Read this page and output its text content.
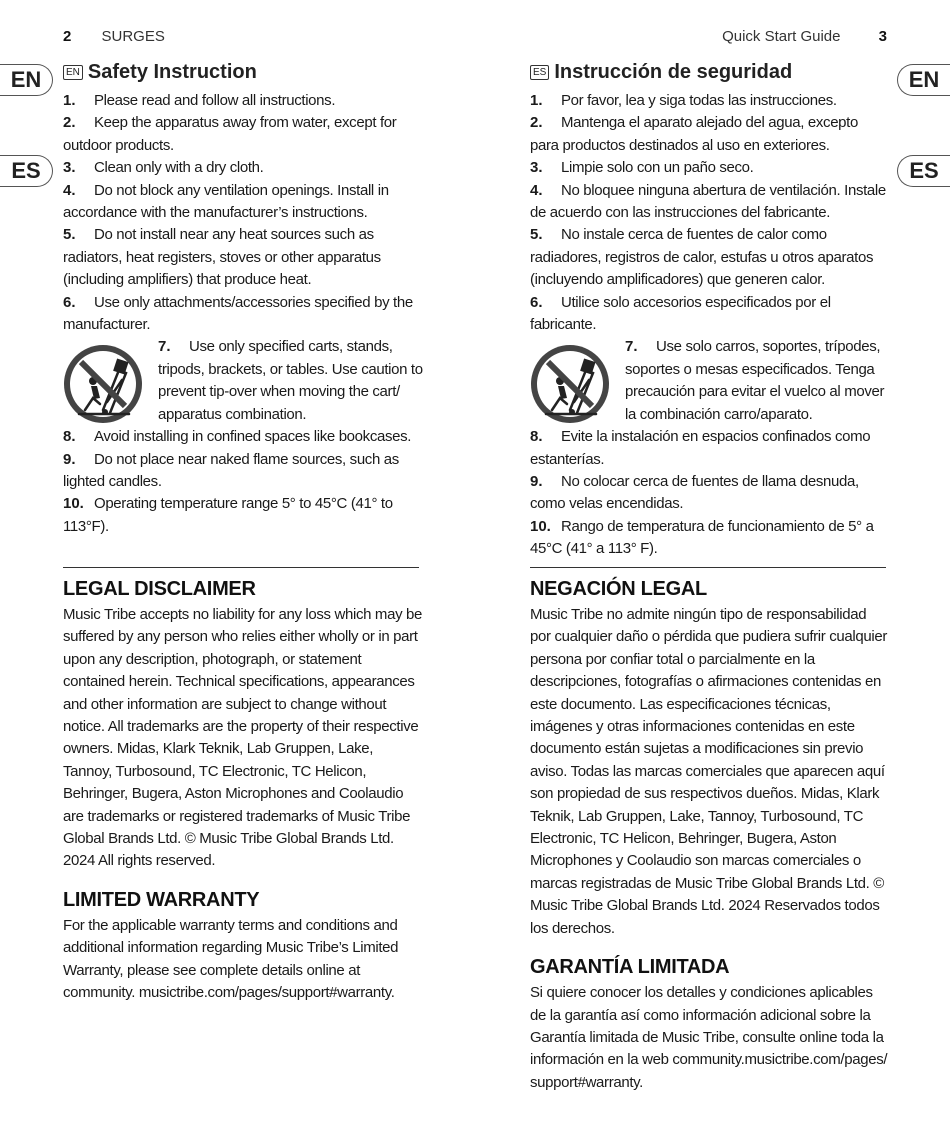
2 SURGES	Quick Start Guide	3
EN
ES
EN
ES
EN Safety Instruction
1. Please read and follow all instructions.
2. Keep the apparatus away from water, except for outdoor products.
3. Clean only with a dry cloth.
4. Do not block any ventilation openings. Install in accordance with the manufacturer’s instructions.
5. Do not install near any heat sources such as radiators, heat registers, stoves or other apparatus (including amplifiers) that produce heat.
6. Use only attachments/accessories specified by the manufacturer.
7. Use only specified carts, stands, tripods, brackets, or tables. Use caution to prevent tip-over when moving the cart/ apparatus combination.
8. Avoid installing in confined spaces like bookcases.
9. Do not place near naked flame sources, such as lighted candles.
10. Operating temperature range 5° to 45°C (41° to 113°F).
ES Instrucción de seguridad
1. Por favor, lea y siga todas las instrucciones.
2. Mantenga el aparato alejado del agua, excepto para productos destinados al uso en exteriores.
3. Limpie solo con un paño seco.
4. No bloquee ninguna abertura de ventilación. Instale de acuerdo con las instrucciones del fabricante.
5. No instale cerca de fuentes de calor como radiadores, registros de calor, estufas u otros aparatos (incluyendo amplificadores) que generen calor.
6. Utilice solo accesorios especificados por el fabricante.
7. Use solo carros, soportes, trípodes, soportes o mesas especificados. Tenga precaución para evitar el vuelco al mover la combinación carro/aparato.
8. Evite la instalación en espacios confinados como estanterías.
9. No colocar cerca de fuentes de llama desnuda, como velas encendidas.
10. Rango de temperatura de funcionamiento de 5° a 45°C (41° a 113° F).
LEGAL DISCLAIMER

Music Tribe accepts no liability for any loss which may be suffered by any person who relies either wholly or in part upon any description, photograph, or statement contained herein. Technical specifications, appearances and other information are subject to change without notice. All trademarks are the property of their respective owners. Midas, Klark Teknik, Lab Gruppen, Lake, Tannoy, Turbosound, TC Electronic, TC Helicon, Behringer, Bugera, Aston Microphones and Coolaudio are trademarks or registered trademarks of Music Tribe Global Brands Ltd. © Music Tribe Global Brands Ltd. 2024 All rights reserved.

LIMITED WARRANTY

For the applicable warranty terms and conditions and additional information regarding Music Tribe’s Limited Warranty, please see complete details online at community. musictribe.com/pages/support#warranty.

NEGACIÓN LEGAL

Music Tribe no admite ningún tipo de responsabilidad por cualquier daño o pérdida que pudiera sufrir cualquier persona por confiar total o parcialmente en la descripciones, fotografías o afirmaciones contenidas en este documento. Las especificaciones técnicas, imágenes y otras informaciones contenidas en este documento están sujetas a modificaciones sin previo aviso. Todas las marcas comerciales que aparecen aquí son propiedad de sus respectivos dueños. Midas, Klark Teknik, Lab Gruppen, Lake, Tannoy, Turbosound, TC Electronic, TC Helicon, Behringer, Bugera, Aston Microphones y Coolaudio son marcas comerciales o marcas registradas de Music Tribe Global Brands Ltd. © Music Tribe Global Brands Ltd. 2024 Reservados todos los derechos.

GARANTÍA LIMITADA

Si quiere conocer los detalles y condiciones aplicables de la garantía así como información adicional sobre la Garantía limitada de Music Tribe, consulte online toda la información en la web community.musictribe.com/pages/ support#warranty.
